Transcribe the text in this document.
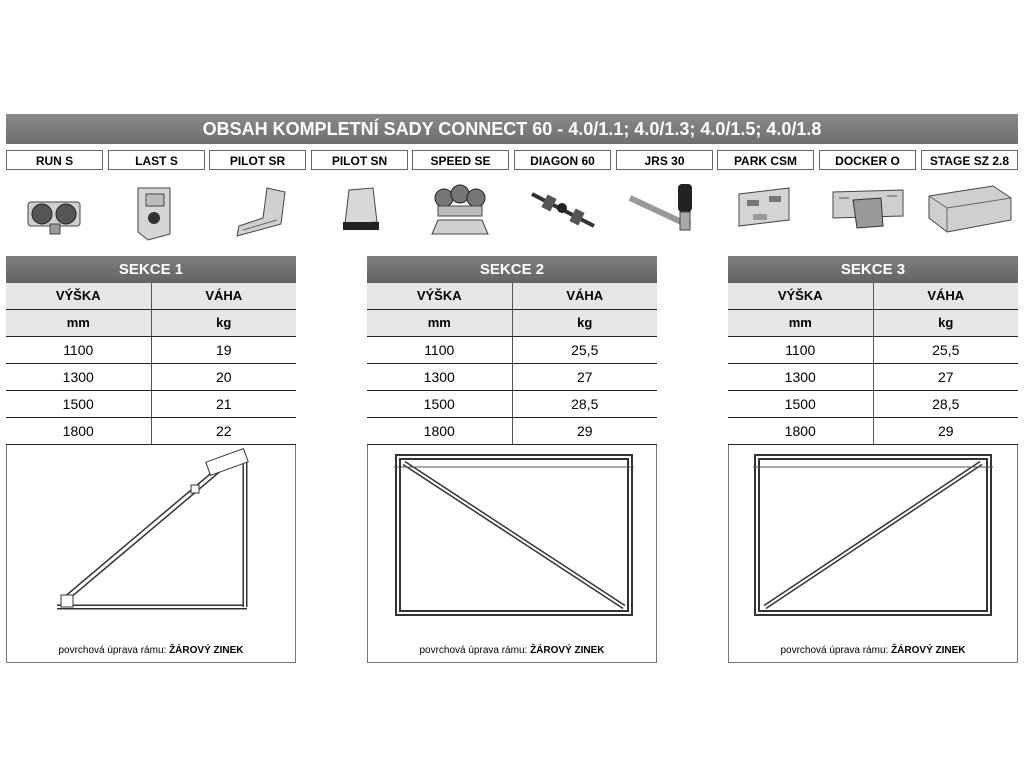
OBSAH KOMPLETNÍ SADY CONNECT 60 - 4.0/1.1; 4.0/1.3; 4.0/1.5; 4.0/1.8
RUN S	LAST S	PILOT SR	PILOT SN	SPEED SE	DIAGON 60	JRS 30	PARK CSM	DOCKER O	STAGE SZ 2.8
SEKCE 1
VÝŠKA	VÁHA
mm	kg
1100	19
1300	20
1500	21
1800	22
povrchová úprava rámu: ŽÁROVÝ ZINEK
SEKCE 2
VÝŠKA	VÁHA
mm	kg
1100	25,5
1300	27
1500	28,5
1800	29
povrchová úprava rámu: ŽÁROVÝ ZINEK
SEKCE 3
VÝŠKA	VÁHA
mm	kg
1100	25,5
1300	27
1500	28,5
1800	29
povrchová úprava rámu: ŽÁROVÝ ZINEK
